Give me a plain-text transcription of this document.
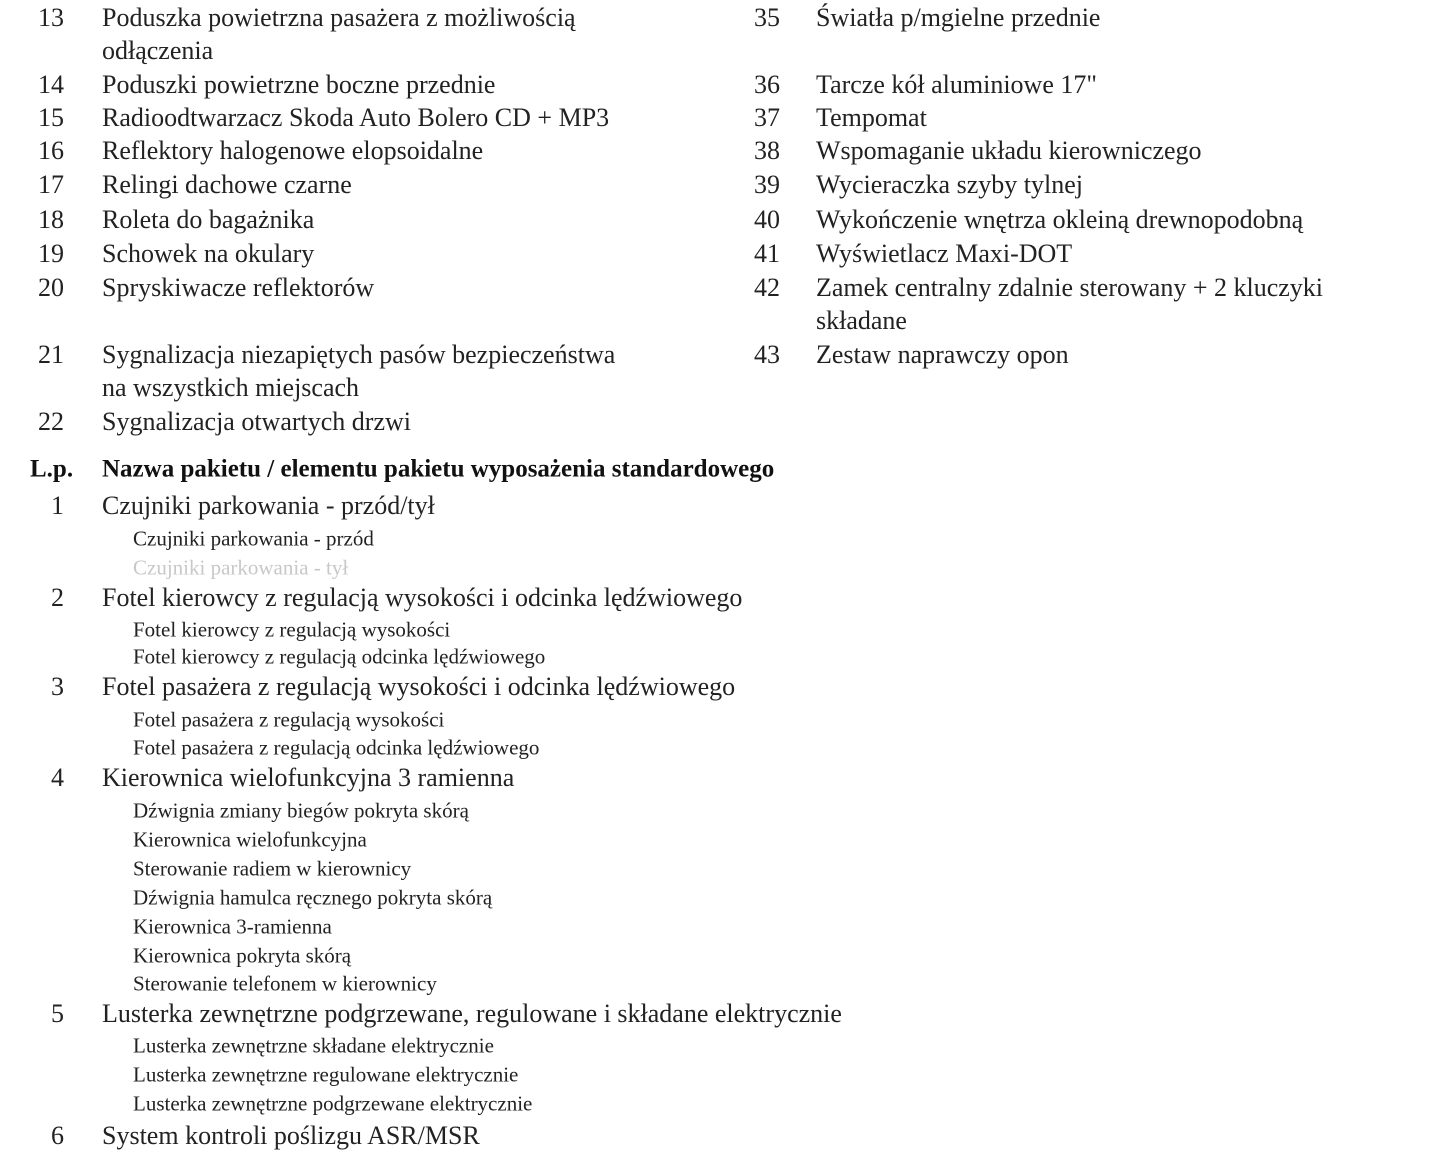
13 Poduszka powietrzna pasażera z możliwością
odłączenia
14 Poduszki powietrzne boczne przednie
15 Radioodtwarzacz Skoda Auto Bolero CD + MP3
16 Reflektory halogenowe elopsoidalne
17 Relingi dachowe czarne
18 Roleta do bagażnika
19 Schowek na okulary
20 Spryskiwacze reflektorów
21 Sygnalizacja niezapiętych pasów bezpieczeństwa
na wszystkich miejscach
22 Sygnalizacja otwartych drzwi
35 Światła p/mgielne przednie
36 Tarcze kół aluminiowe 17"
37 Tempomat
38 Wspomaganie układu kierowniczego
39 Wycieraczka szyby tylnej
40 Wykończenie wnętrza okleiną drewnopodobną
41 Wyświetlacz Maxi-DOT
42 Zamek centralny zdalnie sterowany + 2 kluczyki
składane
43 Zestaw naprawczy opon
L.p. Nazwa pakietu / elementu pakietu wyposażenia standardowego
1 Czujniki parkowania - przód/tył
Czujniki parkowania - przód
Czujniki parkowania - tył
2 Fotel kierowcy z regulacją wysokości i odcinka lędźwiowego
Fotel kierowcy z regulacją wysokości
Fotel kierowcy z regulacją odcinka lędźwiowego
3 Fotel pasażera z regulacją wysokości i odcinka lędźwiowego
Fotel pasażera z regulacją wysokości
Fotel pasażera z regulacją odcinka lędźwiowego
4 Kierownica wielofunkcyjna 3 ramienna
Dźwignia zmiany biegów pokryta skórą
Kierownica wielofunkcyjna
Sterowanie radiem w kierownicy
Dźwignia hamulca ręcznego pokryta skórą
Kierownica 3-ramienna
Kierownica pokryta skórą
Sterowanie telefonem w kierownicy
5 Lusterka zewnętrzne podgrzewane, regulowane i składane elektrycznie
Lusterka zewnętrzne składane elektrycznie
Lusterka zewnętrzne regulowane elektrycznie
Lusterka zewnętrzne podgrzewane elektrycznie
6 System kontroli poślizgu ASR/MSR
